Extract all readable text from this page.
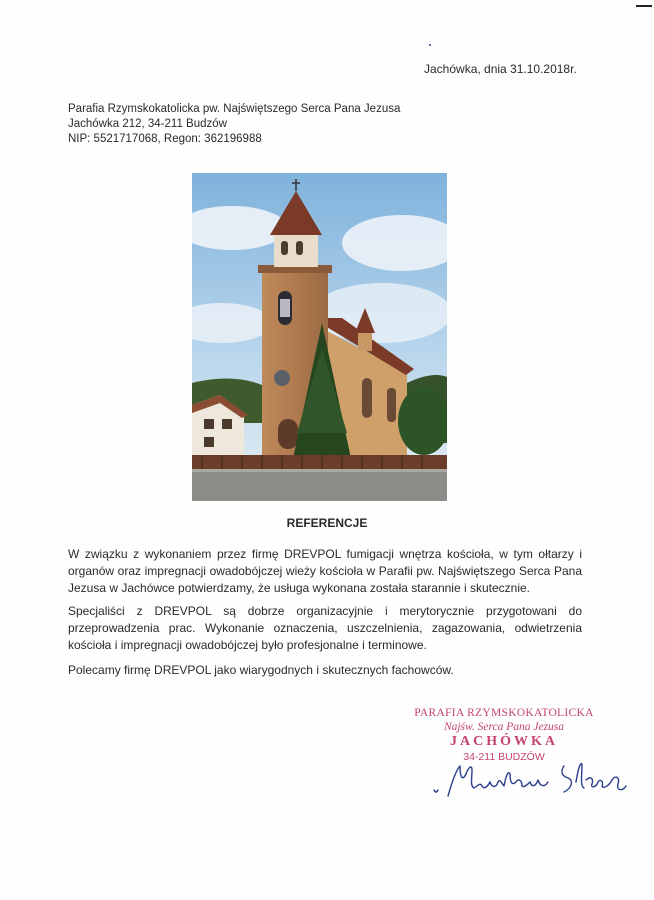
Jachówka, dnia 31.10.2018r.
Parafia Rzymskokatolicka pw. Najświętszego Serca Pana Jezusa
Jachówka 212, 34-211 Budzów
NIP: 5521717068, Regon: 362196988
REFERENCJE

W związku z wykonaniem przez firmę DREVPOL fumigacji wnętrza kościoła, w tym ołtarzy i organów oraz impregnacji owadobójczej wieży kościoła w Parafii pw. Najświętszego Serca Pana Jezusa w Jachówce potwierdzamy, że usługa wykonana została starannie i skutecznie.

Specjaliści z DREVPOL są dobrze organizacyjnie i merytorycznie przygotowani do przeprowadzenia prac. Wykonanie oznaczenia, uszczelnienia, zagazowania, odwietrzenia kościoła i impregnacji owadobójczej było profesjonalne i terminowe.

Polecamy firmę DREVPOL jako wiarygodnych i skutecznych fachowców.

PARAFIA RZYMSKOKATOLICKA
Najśw. Serca Pana Jezusa
JACHÓWKA
34-211 BUDZÓW
